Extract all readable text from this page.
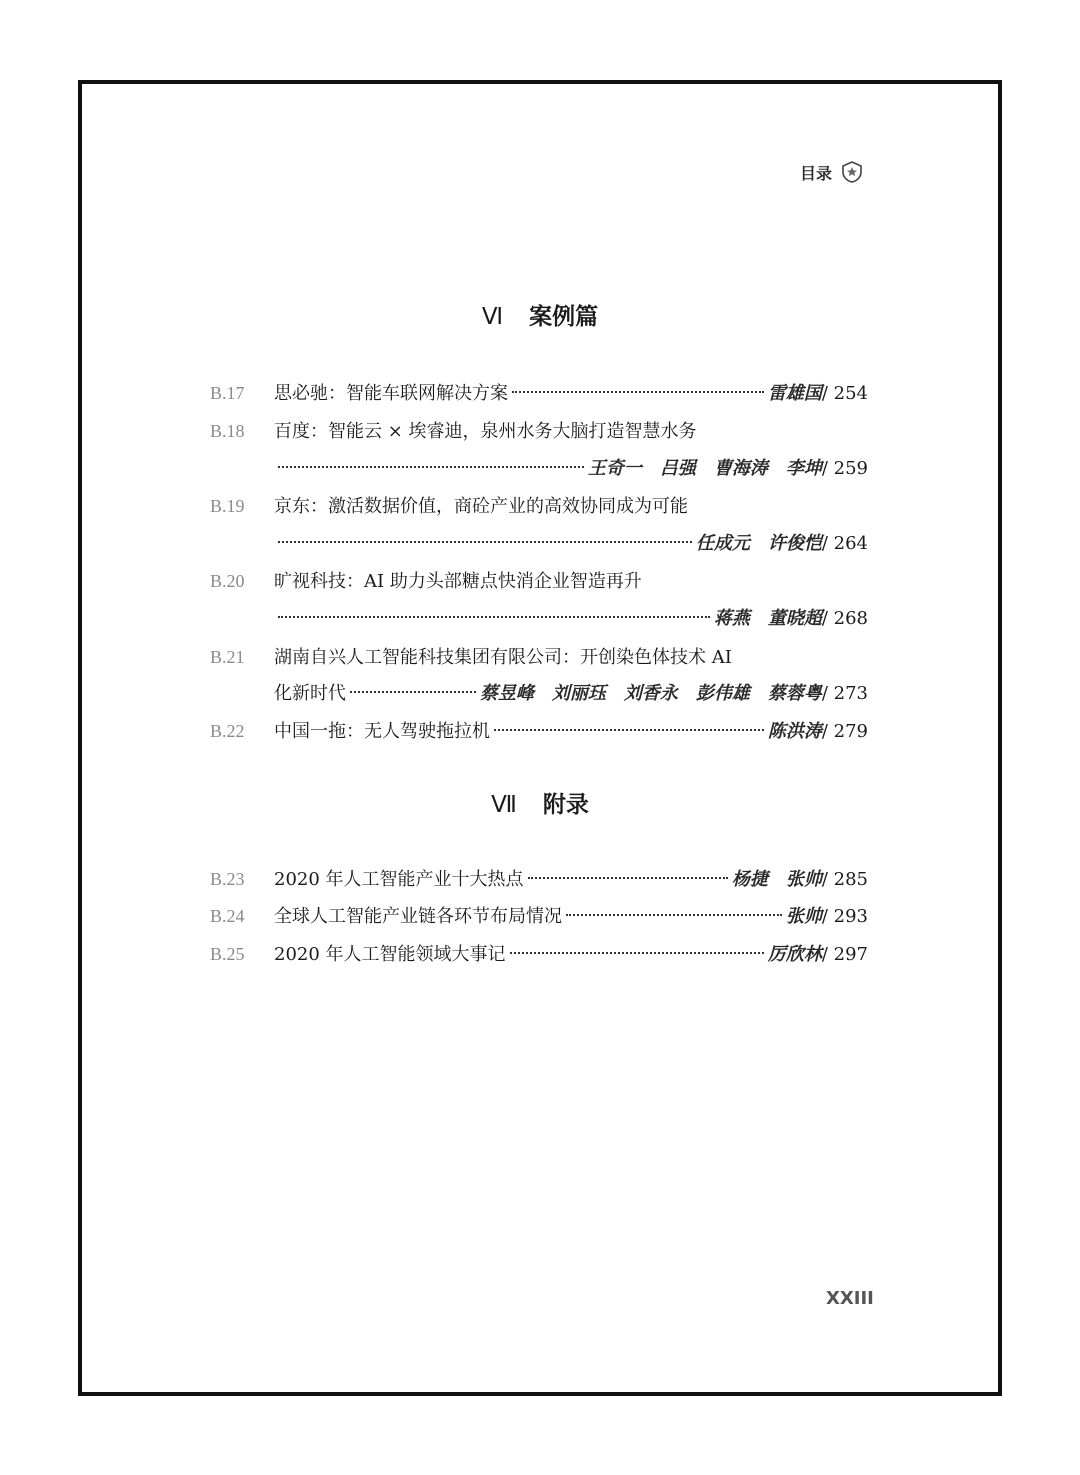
目录
Ⅵ 案例篇
B.17	思必驰：智能车联网解决方案	雷雄国 / 254
B.18	百度：智能云 × 埃睿迪，泉州水务大脑打造智慧水务
王奇一　吕强　曹海涛　李坤 / 259
B.19	京东：激活数据价值，商砼产业的高效协同成为可能
任成元　许俊恺 / 264
B.20	旷视科技：AI 助力头部糖点快消企业智造再升
蒋燕　董晓超 / 268
B.21	湖南自兴人工智能科技集团有限公司：开创染色体技术 AI
化新时代	蔡昱峰　刘丽珏　刘香永　彭伟雄　蔡蓉粤 / 273
B.22	中国一拖：无人驾驶拖拉机	陈洪涛 / 279
Ⅶ 附录
B.23	2020 年人工智能产业十大热点	杨捷　张帅 / 285
B.24	全球人工智能产业链各环节布局情况	张帅 / 293
B.25	2020 年人工智能领域大事记	厉欣林 / 297
XXIII
